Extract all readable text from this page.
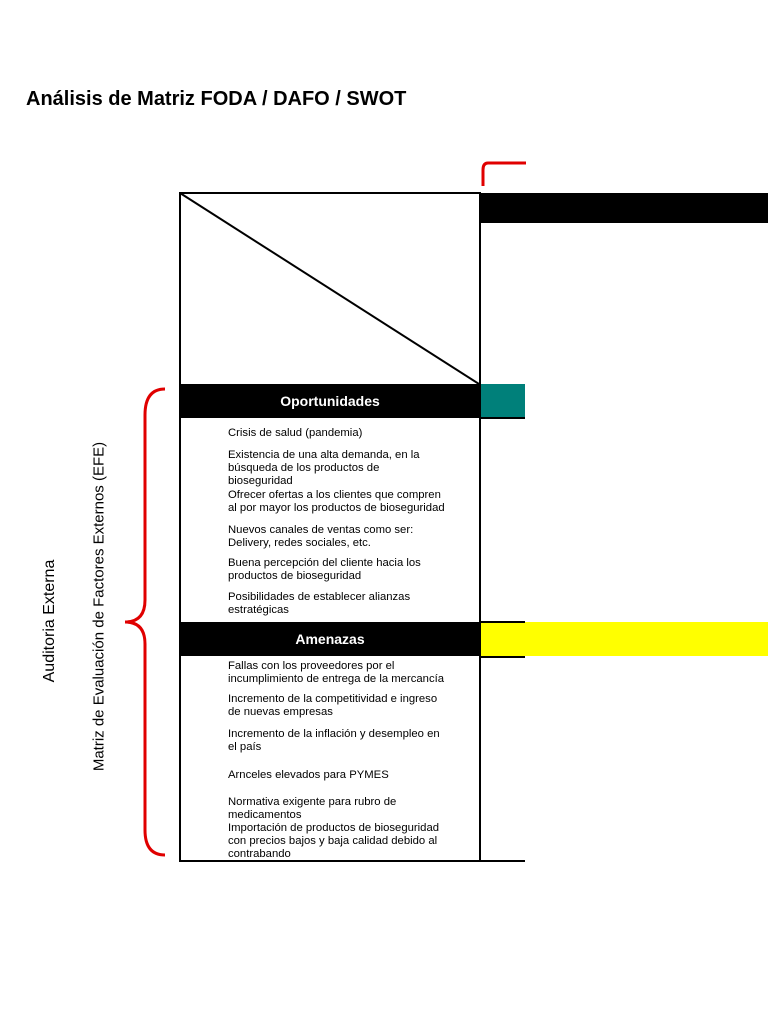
Análisis de Matriz FODA / DAFO / SWOT
Oportunidades
Crisis de salud (pandemia)
Existencia de una alta demanda, en la
búsqueda de los productos de
bioseguridad
Ofrecer ofertas a los clientes que compren
al por mayor los productos de bioseguridad
Nuevos canales de ventas como ser:
Delivery, redes sociales, etc.
Buena percepción del cliente hacia los
productos de bioseguridad
Posibilidades de establecer alianzas
estratégicas
Amenazas
Fallas con los proveedores por el
incumplimiento de entrega de la mercancía
Incremento de la competitividad e ingreso
de nuevas empresas
Incremento de la inflación y desempleo en
el país
Arnceles elevados para PYMES
Normativa exigente para rubro de
medicamentos
Importación de productos de bioseguridad
con precios bajos y baja calidad debido al
contrabando
Auditoria Externa Matriz de Evaluación de Factores Externos (EFE)
